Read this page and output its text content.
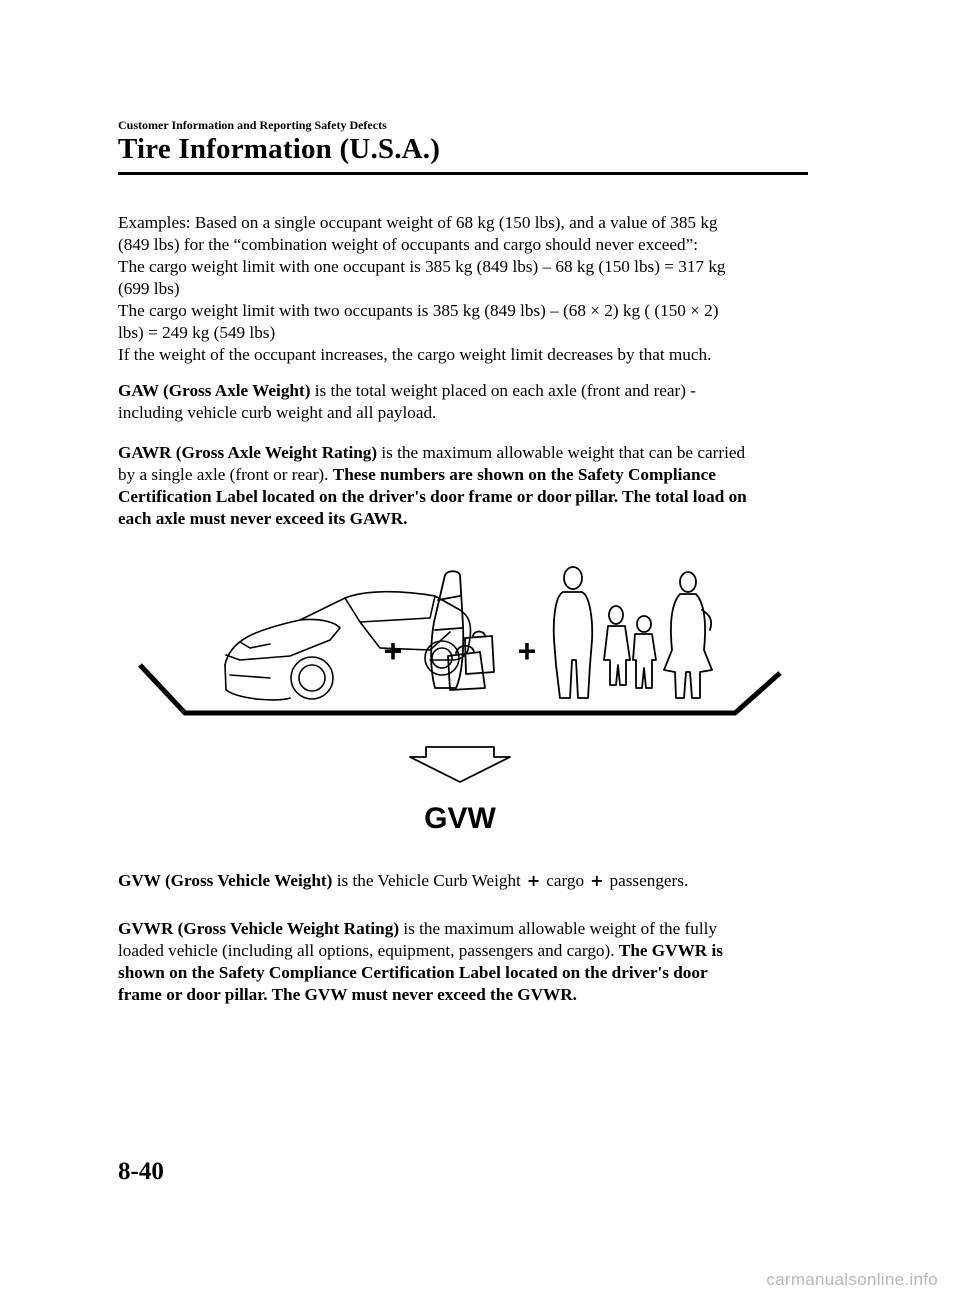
Customer Information and Reporting Safety Defects
Tire Information (U.S.A.)

Examples: Based on a single occupant weight of 68 kg (150 lbs), and a value of 385 kg

(849 lbs) for the “combination weight of occupants and cargo should never exceed”:

The cargo weight limit with one occupant is 385 kg (849 lbs) – 68 kg (150 lbs) = 317 kg

(699 lbs)

The cargo weight limit with two occupants is 385 kg (849 lbs) – (68 × 2) kg ( (150 × 2)

lbs) = 249 kg (549 lbs)

If the weight of the occupant increases, the cargo weight limit decreases by that much.

GAW (Gross Axle Weight) is the total weight placed on each axle (front and rear) -

including vehicle curb weight and all payload.

GAWR (Gross Axle Weight Rating) is the maximum allowable weight that can be carried

by a single axle (front or rear). These numbers are shown on the Safety Compliance

Certification Label located on the driver's door frame or door pillar. The total load on

each axle must never exceed its GAWR.

+	+
GVW

GVW (Gross Vehicle Weight) is the Vehicle Curb Weight + cargo + passengers.

GVWR (Gross Vehicle Weight Rating) is the maximum allowable weight of the fully

loaded vehicle (including all options, equipment, passengers and cargo). The GVWR is

shown on the Safety Compliance Certification Label located on the driver's door

frame or door pillar. The GVW must never exceed the GVWR.

8-40
carmanualsonline.info
